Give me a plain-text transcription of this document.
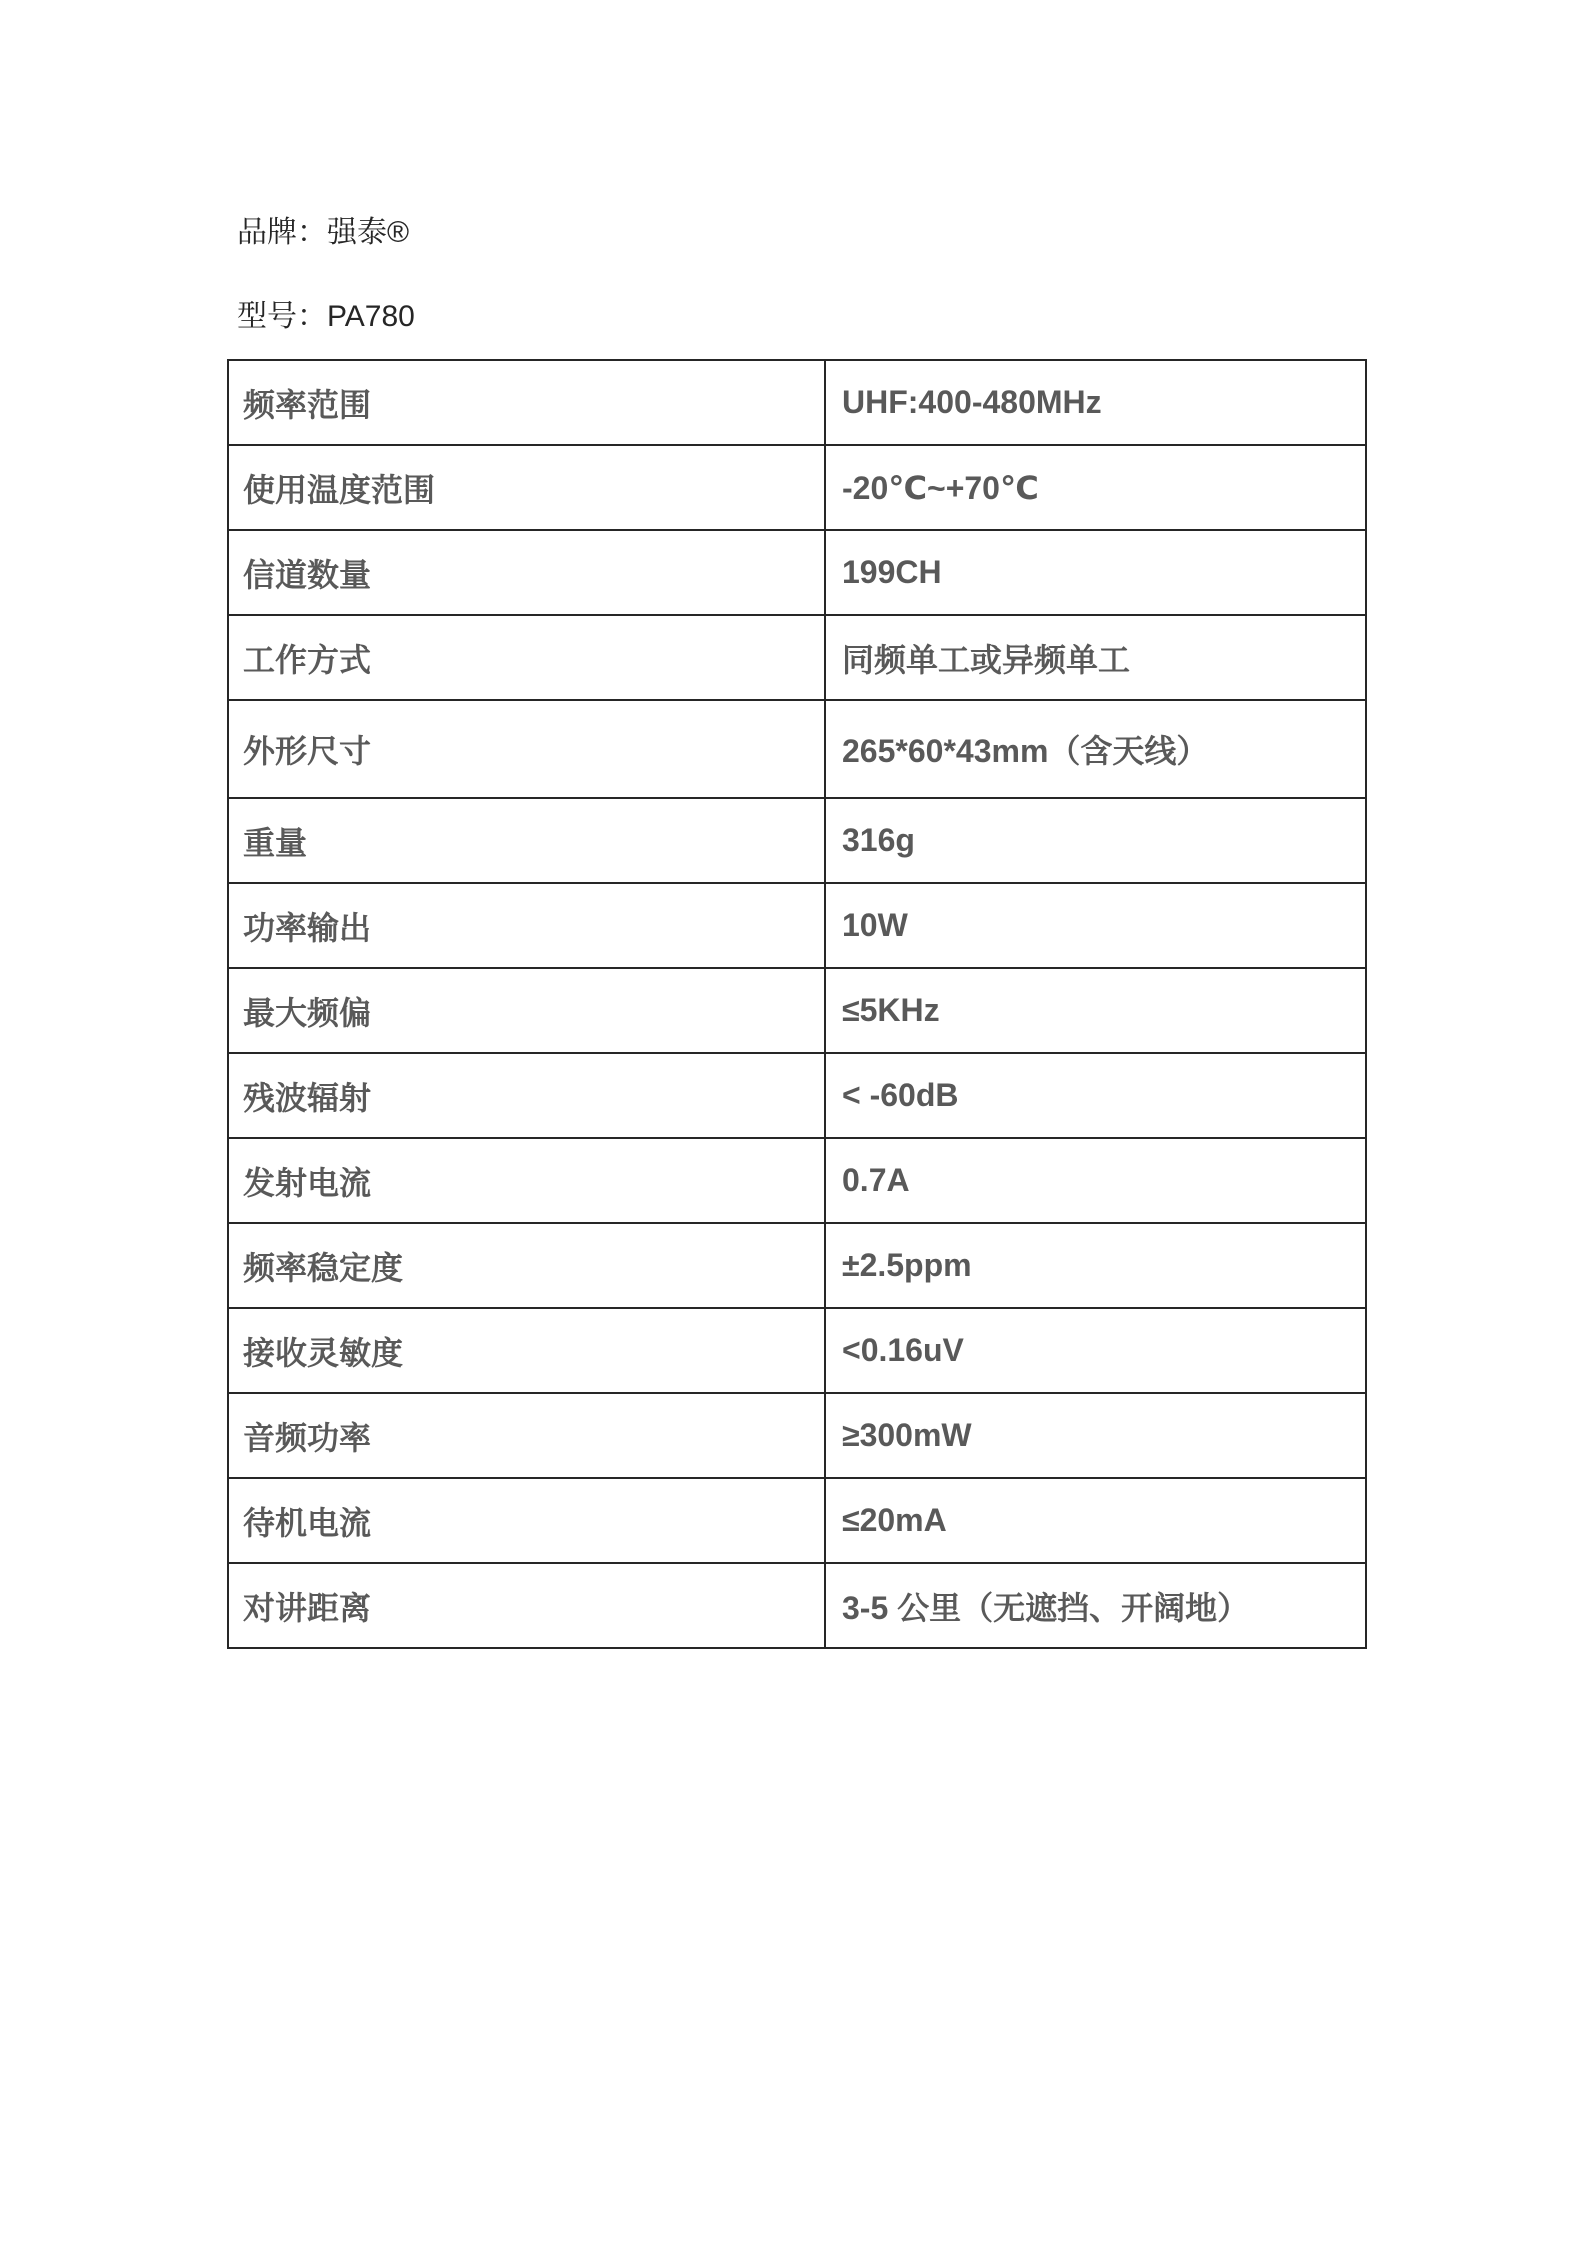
品牌：强泰®

型号：PA780

频率范围	UHF:400-480MHz
使用温度范围	-20℃~+70℃
信道数量	199CH
工作方式	同频单工或异频单工
外形尺寸	265*60*43mm（含天线）
重量	316g
功率输出	10W
最大频偏	≤5KHz
残波辐射	< -60dB
发射电流	0.7A
频率稳定度	±2.5ppm
接收灵敏度	<0.16uV
音频功率	≥300mW
待机电流	≤20mA
对讲距离	3-5 公里（无遮挡、开阔地）
